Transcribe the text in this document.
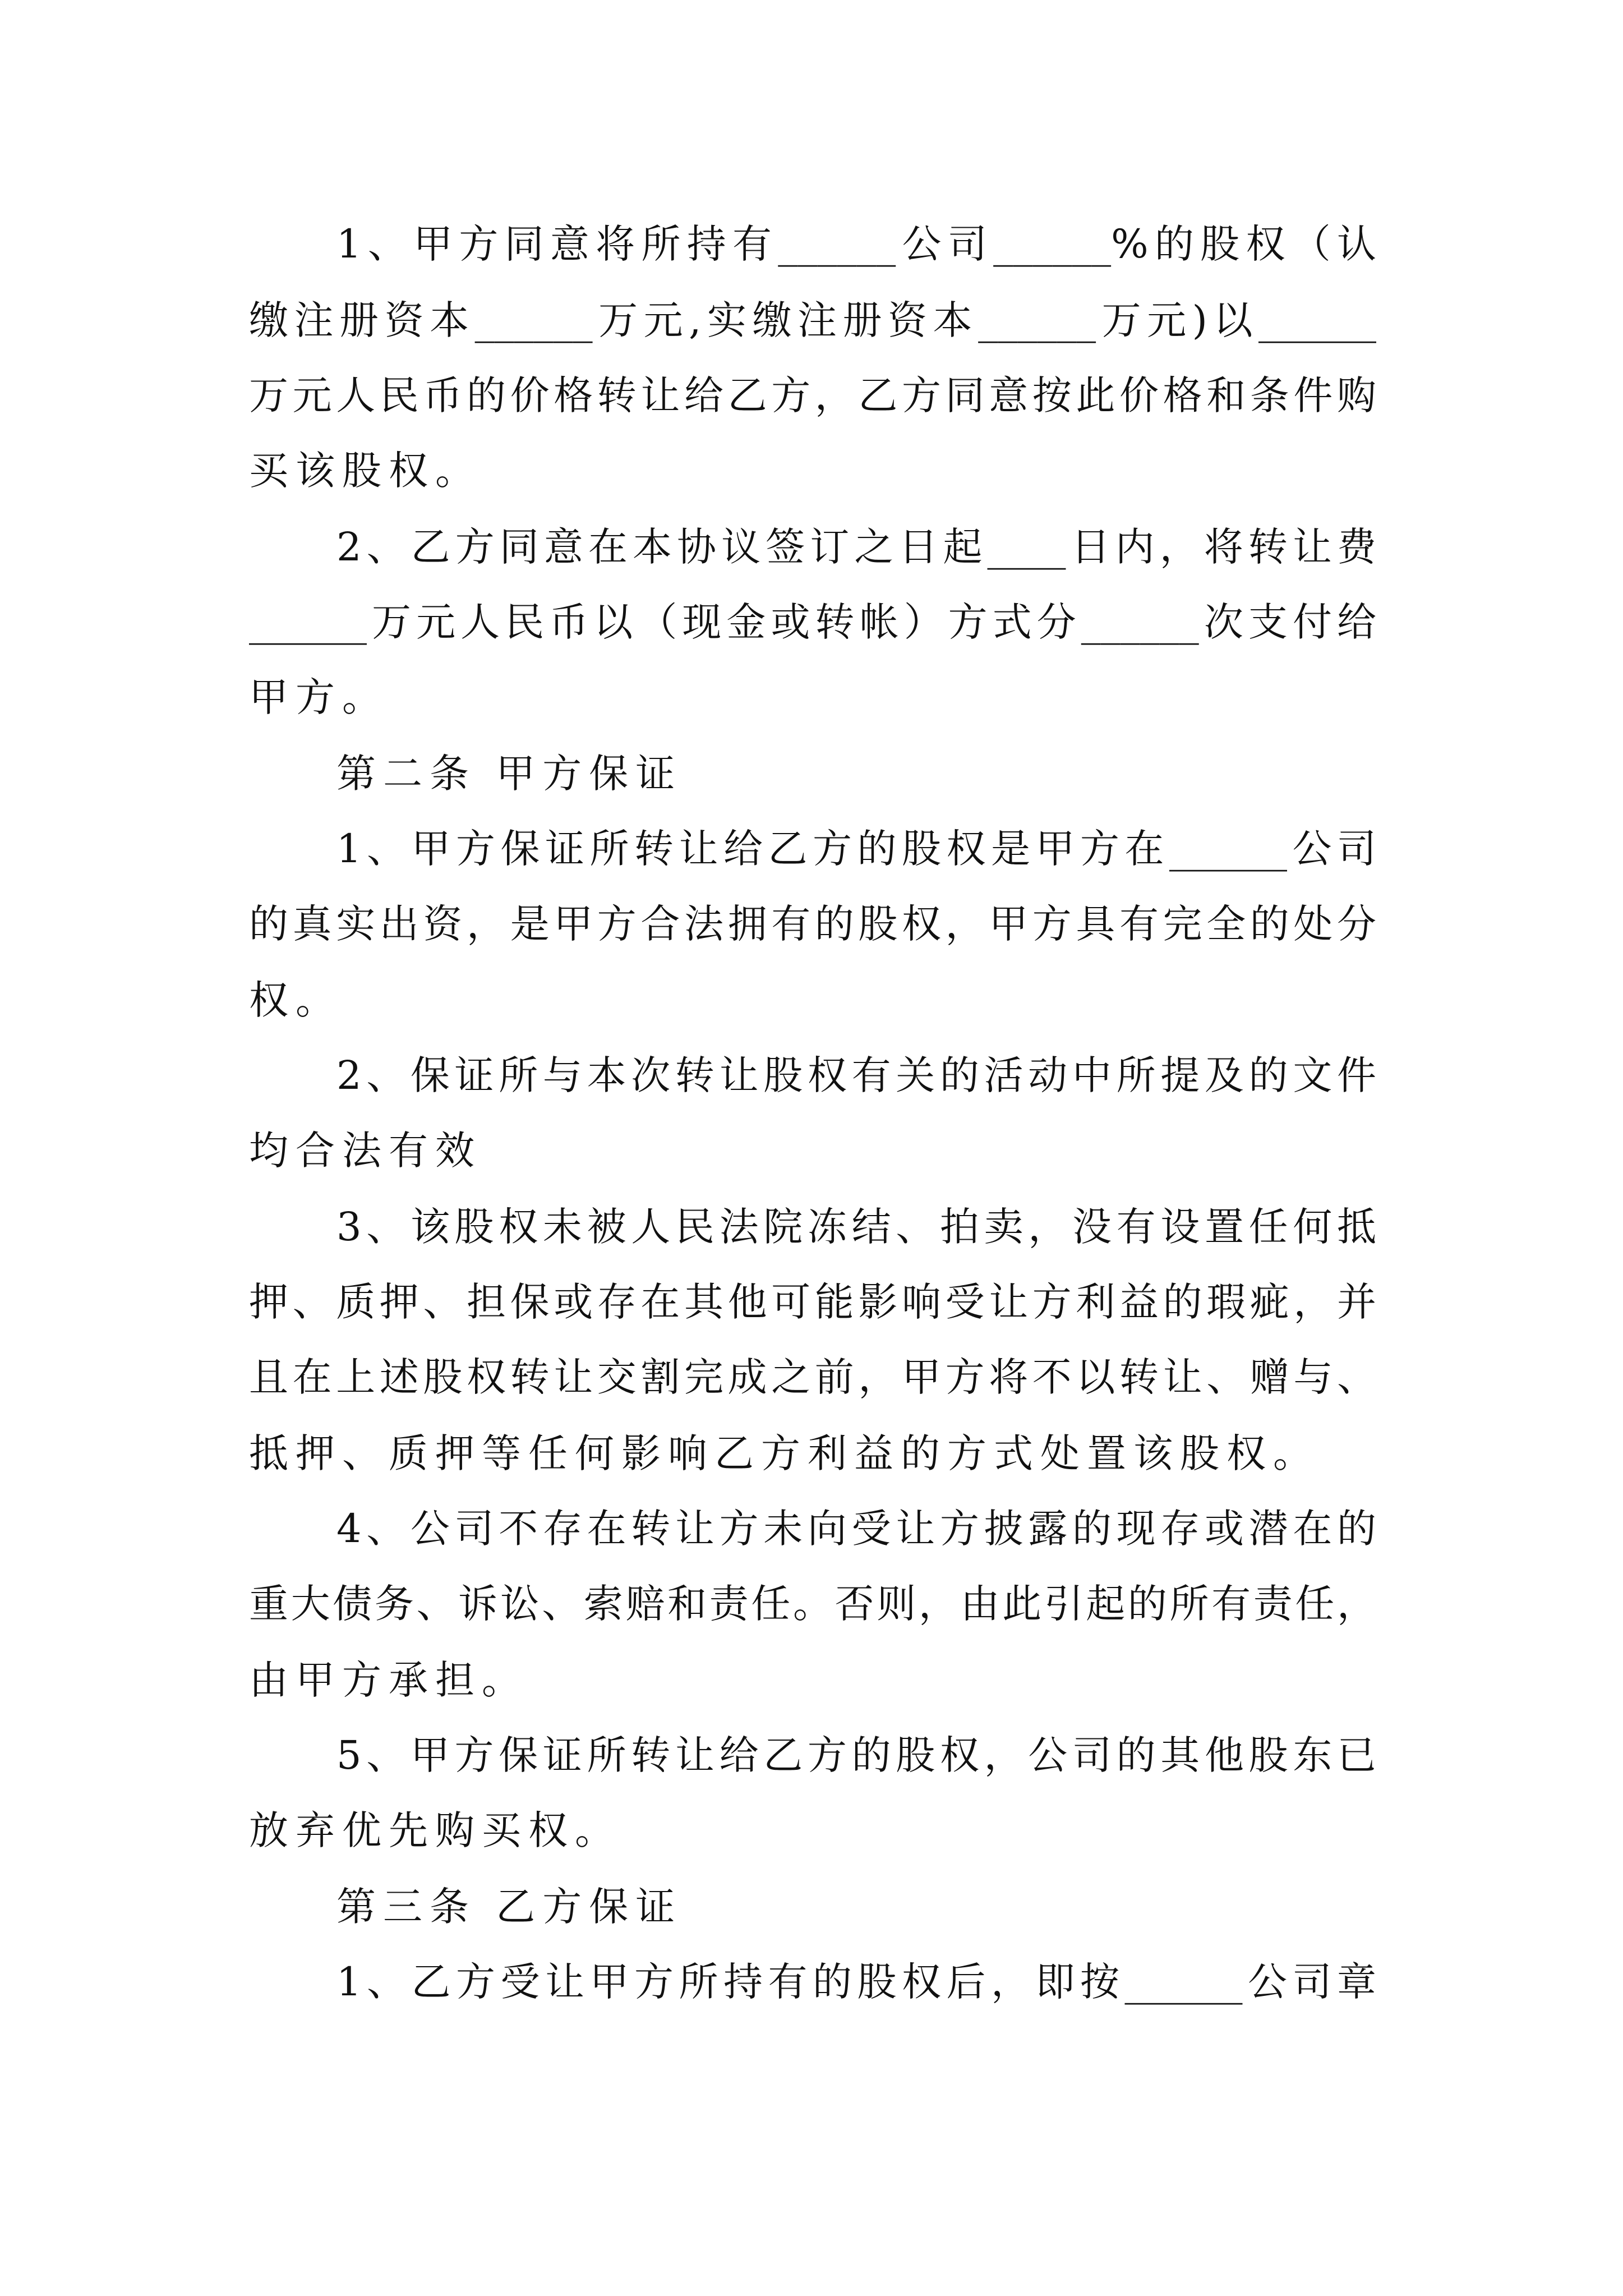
1、甲方同意将所持有______公司______%的股权（认
缴注册资本______万元,实缴注册资本______万元)以______
万元人民币的价格转让给乙方，乙方同意按此价格和条件购
买该股权。
2、乙方同意在本协议签订之日起____日内，将转让费
______万元人民币以（现金或转帐）方式分______次支付给
甲方。
第二条 甲方保证
1、甲方保证所转让给乙方的股权是甲方在______公司
的真实出资，是甲方合法拥有的股权，甲方具有完全的处分
权。
2、保证所与本次转让股权有关的活动中所提及的文件
均合法有效
3、该股权未被人民法院冻结、拍卖，没有设置任何抵
押、质押、担保或存在其他可能影响受让方利益的瑕疵，并
且在上述股权转让交割完成之前，甲方将不以转让、赠与、
抵押、质押等任何影响乙方利益的方式处置该股权。
4、公司不存在转让方未向受让方披露的现存或潜在的
重大债务、诉讼、索赔和责任。否则，由此引起的所有责任，
由甲方承担。
5、甲方保证所转让给乙方的股权，公司的其他股东已
放弃优先购买权。
第三条 乙方保证
1、乙方受让甲方所持有的股权后，即按______公司章
